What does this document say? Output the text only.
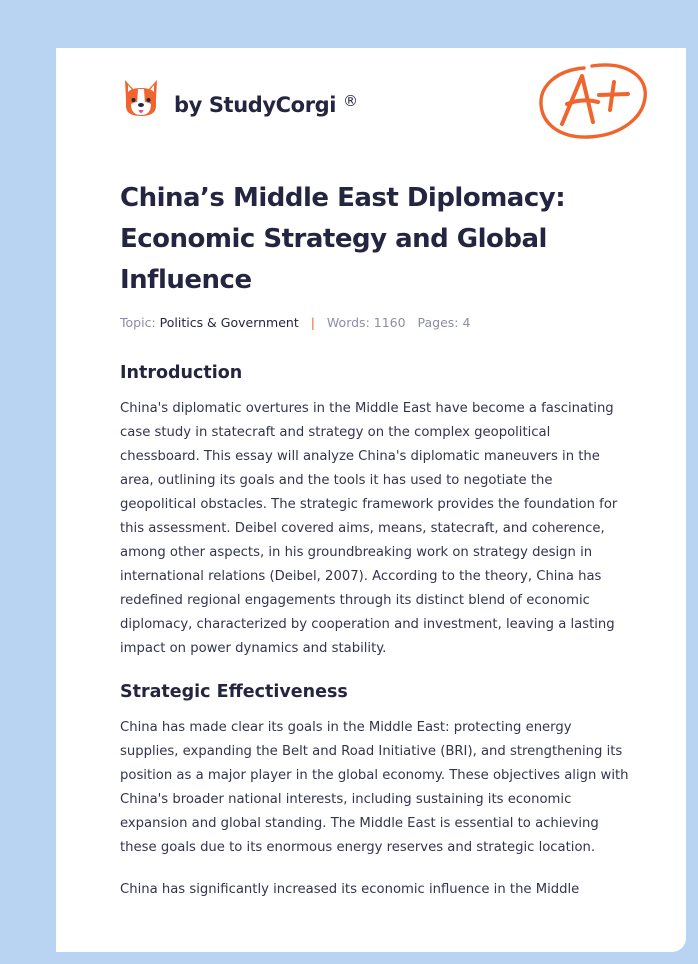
by StudyCorgi ®
China’s Middle East Diplomacy: Economic Strategy and Global Influence
Topic: Politics & Government | Words: 1160 Pages: 4
Introduction

China's diplomatic overtures in the Middle East have become a fascinating case study in statecraft and strategy on the complex geopolitical chessboard. This essay will analyze China's diplomatic maneuvers in the area, outlining its goals and the tools it has used to negotiate the geopolitical obstacles. The strategic framework provides the foundation for this assessment. Deibel covered aims, means, statecraft, and coherence, among other aspects, in his groundbreaking work on strategy design in international relations (Deibel, 2007). According to the theory, China has redefined regional engagements through its distinct blend of economic diplomacy, characterized by cooperation and investment, leaving a lasting impact on power dynamics and stability.

Strategic Effectiveness

China has made clear its goals in the Middle East: protecting energy supplies, expanding the Belt and Road Initiative (BRI), and strengthening its position as a major player in the global economy. These objectives align with China's broader national interests, including sustaining its economic expansion and global standing. The Middle East is essential to achieving these goals due to its enormous energy reserves and strategic location.

China has significantly increased its economic influence in the Middle
